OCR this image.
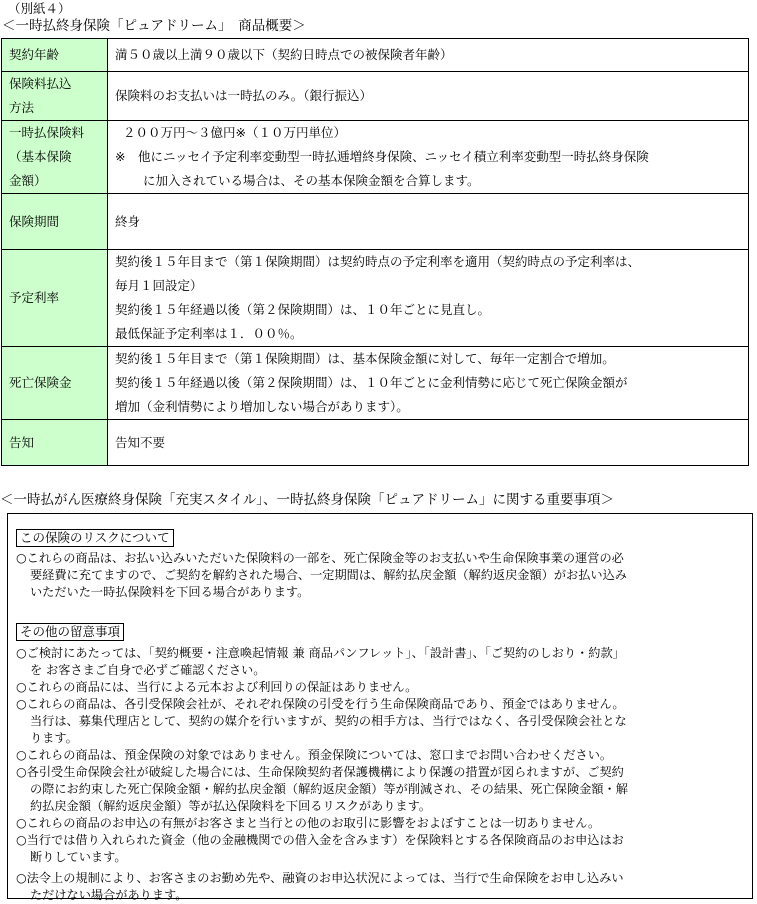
（別紙４）
＜一時払終身保険「ピュアドリーム」　商品概要＞
契約年齢	満５０歳以上満９０歳以下（契約日時点での被保険者年齢）

保険料払込
方法	保険料のお支払いは一時払のみ。（銀行振込）

一時払保険料
（基本保険
金額）	２００万円～３億円※（１０万円単位）
※　他にニッセイ予定利率変動型一時払逓増終身保険、ニッセイ積立利率変動型一時払終身保険
に加入されている場合は、その基本保険金額を合算します。

保険期間	終身

予定利率	契約後１５年目まで（第１保険期間）は契約時点の予定利率を適用（契約時点の予定利率は、
毎月１回設定）
契約後１５年経過以後（第２保険期間）は、１０年ごとに見直し。
最低保証予定利率は１．００％。

死亡保険金	契約後１５年目まで（第１保険期間）は、基本保険金額に対して、毎年一定割合で増加。
契約後１５年経過以後（第２保険期間）は、１０年ごとに金利情勢に応じて死亡保険金額が
増加（金利情勢により増加しない場合があります）。

告知	告知不要
＜一時払がん医療終身保険「充実スタイル」、一時払終身保険「ピュアドリーム」に関する重要事項＞
この保険のリスクについて
○これらの商品は、お払い込みいただいた保険料の一部を、死亡保険金等のお支払いや生命保険事業の運営の必
要経費に充てますので、ご契約を解約された場合、一定期間は、解約払戻金額（解約返戻金額）がお払い込み
いただいた一時払保険料を下回る場合があります。
その他の留意事項
○ご検討にあたっては、「契約概要・注意喚起情報 兼 商品パンフレット」、「設計書」、「ご契約のしおり・約款」
を お客さまご自身で必ずご確認ください。
○これらの商品には、当行による元本および利回りの保証はありません。
○これらの商品は、各引受保険会社が、それぞれ保険の引受を行う生命保険商品であり、預金ではありません。
当行は、募集代理店として、契約の媒介を行いますが、契約の相手方は、当行ではなく、各引受保険会社とな
ります。
○これらの商品は、預金保険の対象ではありません。預金保険については、窓口までお問い合わせください。
○各引受生命保険会社が破綻した場合には、生命保険契約者保護機構により保護の措置が図られますが、ご契約
の際にお約束した死亡保険金額・解約払戻金額（解約返戻金額）等が削減され、その結果、死亡保険金額・解
約払戻金額（解約返戻金額）等が払込保険料を下回るリスクがあります。
○これらの商品のお申込の有無がお客さまと当行との他のお取引に影響をおよぼすことは一切ありません。
○当行では借り入れられた資金（他の金融機関での借入金を含みます）を保険料とする各保険商品のお申込はお
断りしています。
○法令上の規制により、お客さまのお勤め先や、融資のお申込状況によっては、当行で生命保険をお申し込みい
ただけない場合があります。
